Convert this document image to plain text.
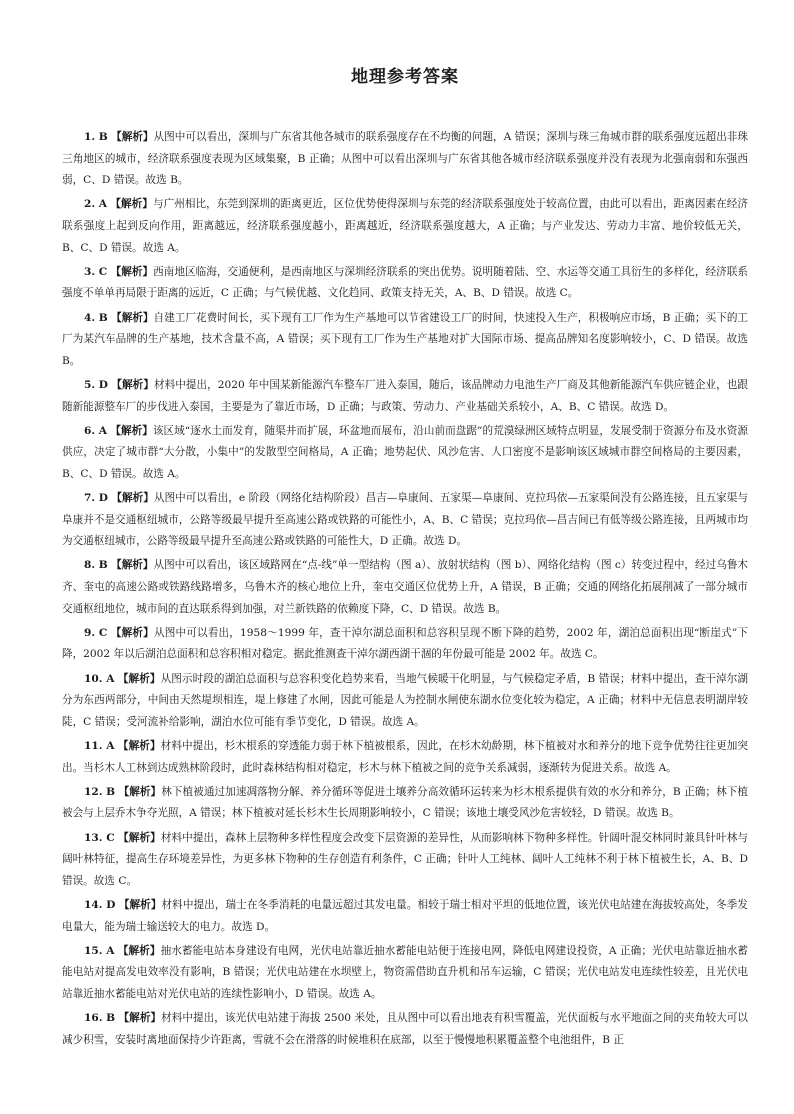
地理参考答案

1. B 【解析】从图中可以看出，深圳与广东省其他各城市的联系强度存在不均衡的问题，A 错误；深圳与珠三角城市群的联系强度远超出非珠三角地区的城市，经济联系强度表现为区域集聚，B 正确；从图中可以看出深圳与广东省其他各城市经济联系强度并没有表现为北强南弱和东强西弱，C、D 错误。故选 B。

2. A 【解析】与广州相比，东莞到深圳的距离更近，区位优势使得深圳与东莞的经济联系强度处于较高位置，由此可以看出，距离因素在经济联系强度上起到反向作用，距离越远，经济联系强度越小，距离越近，经济联系强度越大，A 正确；与产业发达、劳动力丰富、地价较低无关，B、C、D 错误。故选 A。

3. C 【解析】西南地区临海，交通便利，是西南地区与深圳经济联系的突出优势。说明随着陆、空、水运等交通工具衍生的多样化，经济联系强度不单单再局限于距离的远近，C 正确；与气候优越、文化趋同、政策支持无关，A、B、D 错误。故选 C。

4. B 【解析】自建工厂花费时间长，买下现有工厂作为生产基地可以节省建设工厂的时间，快速投入生产，积极响应市场，B 正确；买下的工厂为某汽车品牌的生产基地，技术含量不高，A 错误；买下现有工厂作为生产基地对扩大国际市场、提高品牌知名度影响较小，C、D 错误。故选 B。

5. D 【解析】材料中提出，2020 年中国某新能源汽车整车厂进入泰国，随后，该品牌动力电池生产厂商及其他新能源汽车供应链企业，也跟随新能源整车厂的步伐进入泰国，主要是为了靠近市场，D 正确；与政策、劳动力、产业基础关系较小，A、B、C 错误。故选 D。

6. A 【解析】该区域“逐水土而发育，随渠井而扩展，环盆地而展布，沿山前而盘踞”的荒漠绿洲区域特点明显，发展受制于资源分布及水资源供应，决定了城市群“大分散，小集中”的发散型空间格局，A 正确；地势起伏、风沙危害、人口密度不是影响该区域城市群空间格局的主要因素，B、C、D 错误。故选 A。

7. D 【解析】从图中可以看出，e 阶段（网络化结构阶段）昌吉—阜康间、五家渠—阜康间、克拉玛依—五家渠间没有公路连接，且五家渠与阜康并不是交通枢纽城市，公路等级最早提升至高速公路或铁路的可能性小，A、B、C 错误；克拉玛依—昌吉间已有低等级公路连接，且两城市均为交通枢纽城市，公路等级最早提升至高速公路或铁路的可能性大，D 正确。故选 D。

8. B 【解析】从图中可以看出，该区域路网在“点-线”单一型结构（图 a）、放射状结构（图 b）、网络化结构（图 c）转变过程中，经过乌鲁木齐、奎屯的高速公路或铁路线路增多，乌鲁木齐的核心地位上升，奎屯交通区位优势上升，A 错误，B 正确；交通的网络化拓展削减了一部分城市交通枢纽地位，城市间的直达联系得到加强，对兰新铁路的依赖度下降，C、D 错误。故选 B。

9. C 【解析】从图中可以看出，1958～1999 年，查干淖尔湖总面积和总容积呈现不断下降的趋势，2002 年，湖泊总面积出现“断崖式”下降，2002 年以后湖泊总面积和总容积相对稳定。据此推测查干淖尔湖西湖干涸的年份最可能是 2002 年。故选 C。

10. A 【解析】从图示时段的湖泊总面积与总容积变化趋势来看，当地气候暖干化明显，与气候稳定矛盾，B 错误；材料中提出，查干淖尔湖分为东西两部分，中间由天然堤坝相连，堤上修建了水闸，因此可能是人为控制水闸使东湖水位变化较为稳定，A 正确；材料中无信息表明湖岸较陡，C 错误；受河流补给影响，湖泊水位可能有季节变化，D 错误。故选 A。

11. A 【解析】材料中提出，杉木根系的穿透能力弱于林下植被根系，因此，在杉木幼龄期，林下植被对水和养分的地下竞争优势往往更加突出。当杉木人工林到达成熟林阶段时，此时森林结构相对稳定，杉木与林下植被之间的竞争关系减弱，逐渐转为促进关系。故选 A。

12. B 【解析】林下植被通过加速凋落物分解、养分循环等促进土壤养分高效循环运转来为杉木根系提供有效的水分和养分，B 正确；林下植被会与上层乔木争夺光照，A 错误；林下植被对延长杉木生长周期影响较小，C 错误；该地土壤受风沙危害较轻，D 错误。故选 B。

13. C 【解析】材料中提出，森林上层物种多样性程度会改变下层资源的差异性，从而影响林下物种多样性。针阔叶混交林同时兼具针叶林与阔叶林特征，提高生存环境差异性，为更多林下物种的生存创造有利条件，C 正确；针叶人工纯林、阔叶人工纯林不利于林下植被生长，A、B、D 错误。故选 C。

14. D 【解析】材料中提出，瑞士在冬季消耗的电量远超过其发电量。相较于瑞士相对平坦的低地位置，该光伏电站建在海拔较高处，冬季发电量大，能为瑞士输送较大的电力。故选 D。

15. A 【解析】抽水蓄能电站本身建设有电网，光伏电站靠近抽水蓄能电站便于连接电网，降低电网建设投资，A 正确；光伏电站靠近抽水蓄能电站对提高发电效率没有影响，B 错误；光伏电站建在水坝壁上，物资需借助直升机和吊车运输，C 错误；光伏电站发电连续性较差，且光伏电站靠近抽水蓄能电站对光伏电站的连续性影响小，D 错误。故选 A。

16. B 【解析】材料中提出，该光伏电站建于海拔 2500 米处，且从图中可以看出地表有积雪覆盖，光伏面板与水平地面之间的夹角较大可以减少积雪，安装时离地面保持少许距离，雪就不会在滑落的时候堆积在底部，以至于慢慢地积累覆盖整个电池组件，B 正
